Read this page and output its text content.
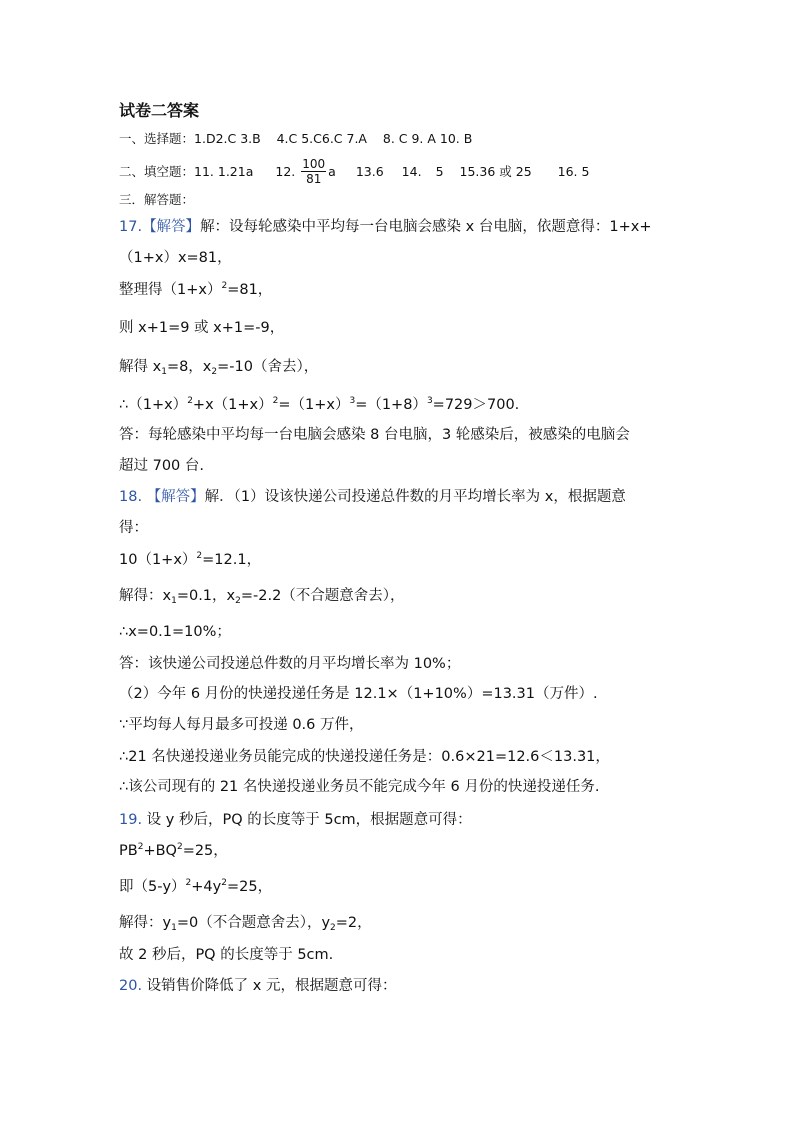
试卷二答案
一、选择题：1.D2.C 3.B    4.C 5.C6.C 7.A    8. C 9. A 10. B
二、填空题：11. 1.21a 12. $\frac{100}{81}$ a 13.6 14. 5 15.36 或 25 16. 5
三．解答题：
17.【解答】解：设每轮感染中平均每一台电脑会感染 x 台电脑，依题意得：1+x+
（1+x）x=81，
整理得$(1+x)^2=81$，
则 x+1=9 或 x+1=-9，
解得 $x_1=8$，$x_2=-10$（舍去），
$\therefore(1+x)^2+x(1+x)^2=(1+x)^3=(1+8)^3=729>700$.
答：每轮感染中平均每一台电脑会感染 8 台电脑，3 轮感染后，被感染的电脑会
超过 700 台.
18. 【解答】解．（1）设该快递公司投递总件数的月平均增长率为 x，根据题意
得：
$10(1+x)^2=12.1$，
解得：$x_1=0.1$，$x_2=-2.2$（不合题意舍去），
∴x=0.1=10%；
答：该快递公司投递总件数的月平均增长率为 10%；
（2）今年 6 月份的快递投递任务是 12.1×（1+10%）=13.31（万件）.
∵平均每人每月最多可投递 0.6 万件，
∴21 名快递投递业务员能完成的快递投递任务是：0.6×21=12.6＜13.31，
∴该公司现有的 21 名快递投递业务员不能完成今年 6 月份的快递投递任务.
19. 设 y 秒后，PQ 的长度等于 5cm，根据题意可得：
$PB^2+BQ^2=25$，
即$(5-y)^2+4y^2=25$，
解得：$y_1=0$（不合题意舍去），$y_2=2$，
故 2 秒后，PQ 的长度等于 5cm.
20. 设销售价降低了 x 元，根据题意可得：
